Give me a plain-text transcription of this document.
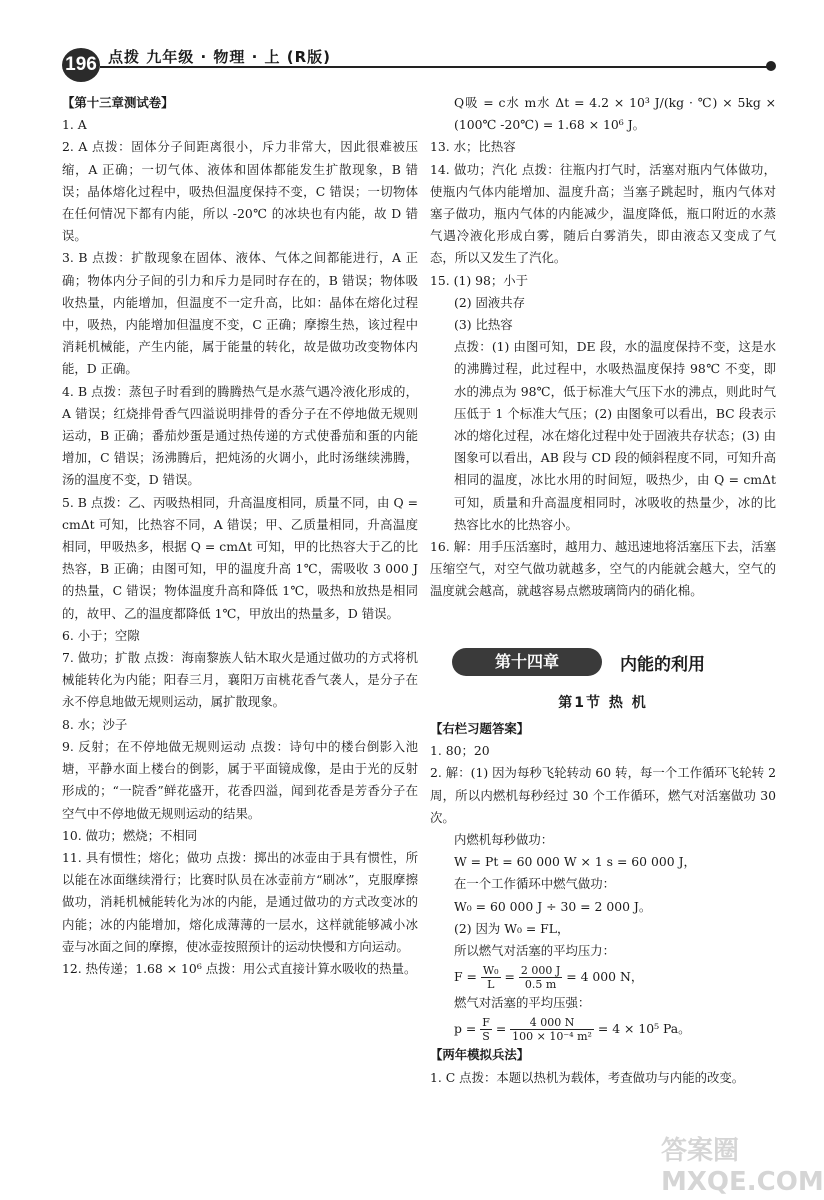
196 点拨 九年级 · 物理 · 上 (R版)
【第十三章测试卷】
1. A
2. A 点拨：固体分子间距离很小，斥力非常大，因此很难被压缩，A 正确；一切气体、液体和固体都能发生扩散现象，B 错误；晶体熔化过程中，吸热但温度保持不变，C 错误；一切物体在任何情况下都有内能，所以 -20℃ 的冰块也有内能，故 D 错误。
3. B 点拨：扩散现象在固体、液体、气体之间都能进行，A 正确；物体内分子间的引力和斥力是同时存在的，B 错误；物体吸收热量，内能增加，但温度不一定升高，比如：晶体在熔化过程中，吸热，内能增加但温度不变，C 正确；摩擦生热，该过程中消耗机械能，产生内能，属于能量的转化，故是做功改变物体内能，D 正确。
4. B 点拨：蒸包子时看到的腾腾热气是水蒸气遇冷液化形成的，A 错误；红烧排骨香气四溢说明排骨的香分子在不停地做无规则运动，B 正确；番茄炒蛋是通过热传递的方式使番茄和蛋的内能增加，C 错误；汤沸腾后，把炖汤的火调小，此时汤继续沸腾，汤的温度不变，D 错误。
5. B 点拨：乙、丙吸热相同，升高温度相同，质量不同，由 Q = cmΔt 可知，比热容不同，A 错误；甲、乙质量相同，升高温度相同，甲吸热多，根据 Q = cmΔt 可知，甲的比热容大于乙的比热容，B 正确；由图可知，甲的温度升高 1℃，需吸收 3 000 J 的热量，C 错误；物体温度升高和降低 1℃，吸热和放热是相同的，故甲、乙的温度都降低 1℃，甲放出的热量多，D 错误。
6. 小于；空隙
7. 做功；扩散 点拨：海南黎族人钻木取火是通过做功的方式将机械能转化为内能；阳春三月，襄阳万亩桃花香气袭人，是分子在永不停息地做无规则运动，属扩散现象。
8. 水；沙子
9. 反射；在不停地做无规则运动 点拨：诗句中的楼台倒影入池塘，平静水面上楼台的倒影，属于平面镜成像，是由于光的反射形成的；“一院香”鲜花盛开，花香四溢，闻到花香是芳香分子在空气中不停地做无规则运动的结果。
10. 做功；燃烧；不相同
11. 具有惯性；熔化；做功 点拨：掷出的冰壶由于具有惯性，所以能在冰面继续滑行；比赛时队员在冰壶前方“刷冰”，克服摩擦做功，消耗机械能转化为冰的内能，是通过做功的方式改变冰的内能；冰的内能增加，熔化成薄薄的一层水，这样就能够减小冰壶与冰面之间的摩擦，使冰壶按照预计的运动快慢和方向运动。
12. 热传递；1.68 × 10⁶ 点拨：用公式直接计算水吸收的热量。
Q吸 = c水 m水 Δt = 4.2 × 10³ J/(kg · ℃) × 5kg × (100℃ -20℃) = 1.68 × 10⁶ J。
13. 水；比热容
14. 做功；汽化 点拨：往瓶内打气时，活塞对瓶内气体做功，使瓶内气体内能增加、温度升高；当塞子跳起时，瓶内气体对塞子做功，瓶内气体的内能减少，温度降低，瓶口附近的水蒸气遇冷液化形成白雾，随后白雾消失，即由液态又变成了气态，所以又发生了汽化。
15. (1) 98；小于
(2) 固液共存
(3) 比热容
点拨：(1) 由图可知，DE 段，水的温度保持不变，这是水的沸腾过程，此过程中，水吸热温度保持 98℃ 不变，即水的沸点为 98℃，低于标准大气压下水的沸点，则此时气压低于 1 个标准大气压；(2) 由图象可以看出，BC 段表示冰的熔化过程，冰在熔化过程中处于固液共存状态；(3) 由图象可以看出，AB 段与 CD 段的倾斜程度不同，可知升高相同的温度，冰比水用的时间短，吸热少，由 Q = cmΔt 可知，质量和升高温度相同时，冰吸收的热量少，冰的比热容比水的比热容小。
16. 解：用手压活塞时，越用力、越迅速地将活塞压下去，活塞压缩空气，对空气做功就越多，空气的内能就会越大，空气的温度就会越高，就越容易点燃玻璃筒内的硝化棉。
第十四章	内能的利用
第1节 热 机
【右栏习题答案】
1. 80；20
2. 解：(1) 因为每秒飞轮转动 60 转，每一个工作循环飞轮转 2 周，所以内燃机每秒经过 30 个工作循环，燃气对活塞做功 30 次。
内燃机每秒做功：
W = Pt = 60 000 W × 1 s = 60 000 J，
在一个工作循环中燃气做功：
W₀ = 60 000 J ÷ 30 = 2 000 J。
(2) 因为 W₀ = FL，
所以燃气对活塞的平均压力：
$F = \frac{\text{W₀}}{L} = \frac{2 000 J}{0.5 m} = 4$ 000 N，
燃气对活塞的平均压强：
$p = \frac{F}{S} = \frac{4 000 N}{\text{100 × 10⁻⁴ m²}} = 4 \times 10^5$ Pa。
【两年模拟兵法】
1. C 点拨：本题以热机为载体，考查做功与内能的改变。
答案圈 MXQE.COM
